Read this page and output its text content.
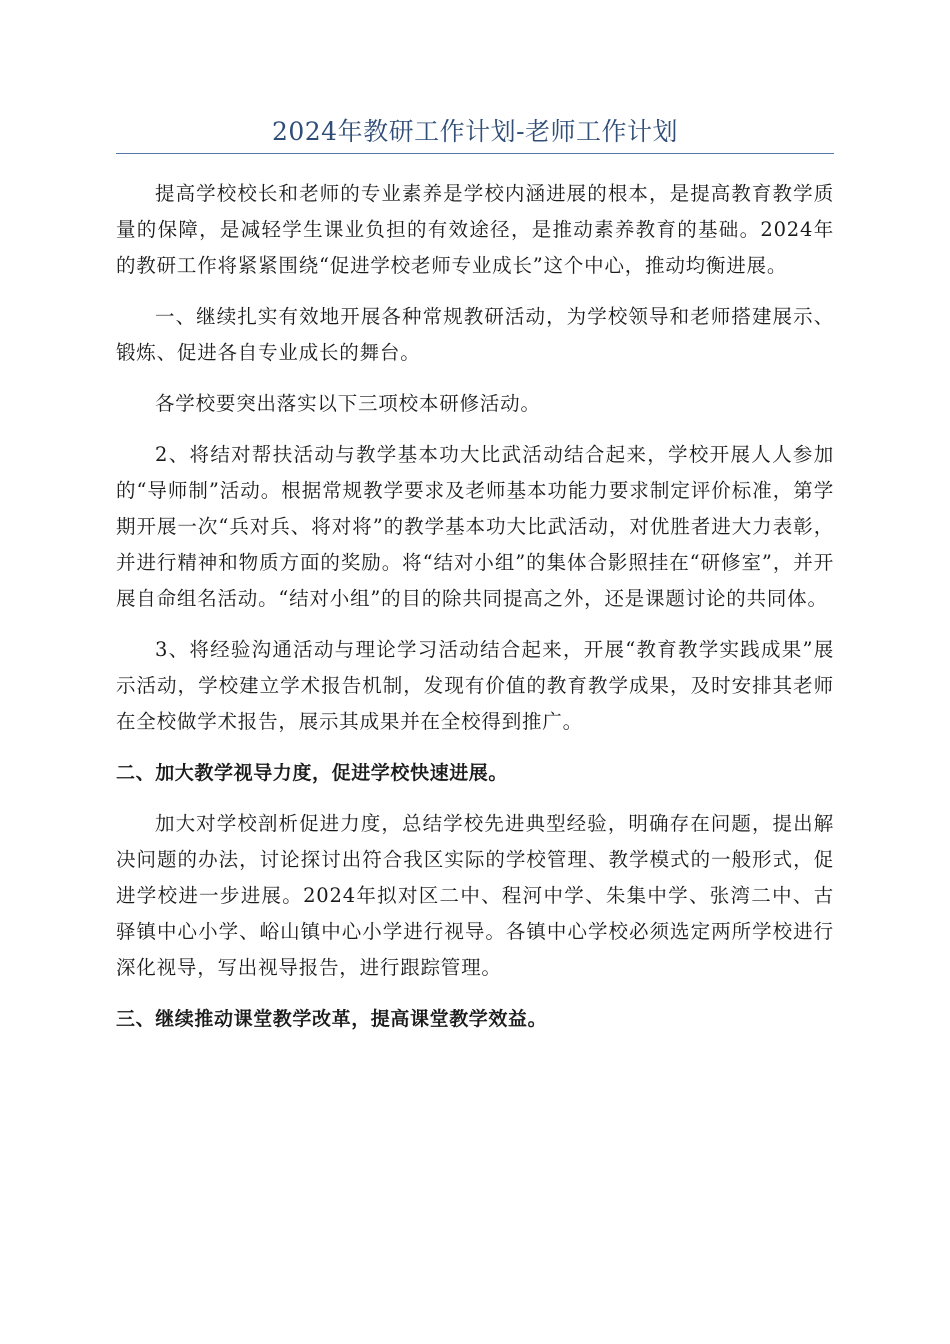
2024年教研工作计划-老师工作计划

提高学校校长和老师的专业素养是学校内涵进展的根本，是提高教育教学质量的保障，是减轻学生课业负担的有效途径，是推动素养教育的基础。2024年的教研工作将紧紧围绕“促进学校老师专业成长”这个中心，推动均衡进展。

一、继续扎实有效地开展各种常规教研活动，为学校领导和老师搭建展示、锻炼、促进各自专业成长的舞台。

各学校要突出落实以下三项校本研修活动。

2、将结对帮扶活动与教学基本功大比武活动结合起来，学校开展人人参加的“导师制”活动。根据常规教学要求及老师基本功能力要求制定评价标准，第学期开展一次“兵对兵、将对将”的教学基本功大比武活动，对优胜者进大力表彰，并进行精神和物质方面的奖励。将“结对小组”的集体合影照挂在“研修室”，并开展自命组名活动。“结对小组”的目的除共同提高之外，还是课题讨论的共同体。

3、将经验沟通活动与理论学习活动结合起来，开展“教育教学实践成果”展示活动，学校建立学术报告机制，发现有价值的教育教学成果，及时安排其老师在全校做学术报告，展示其成果并在全校得到推广。

二、加大教学视导力度，促进学校快速进展。

加大对学校剖析促进力度，总结学校先进典型经验，明确存在问题，提出解决问题的办法，讨论探讨出符合我区实际的学校管理、教学模式的一般形式，促进学校进一步进展。2024年拟对区二中、程河中学、朱集中学、张湾二中、古驿镇中心小学、峪山镇中心小学进行视导。各镇中心学校必须选定两所学校进行深化视导，写出视导报告，进行跟踪管理。

三、继续推动课堂教学改革，提高课堂教学效益。
